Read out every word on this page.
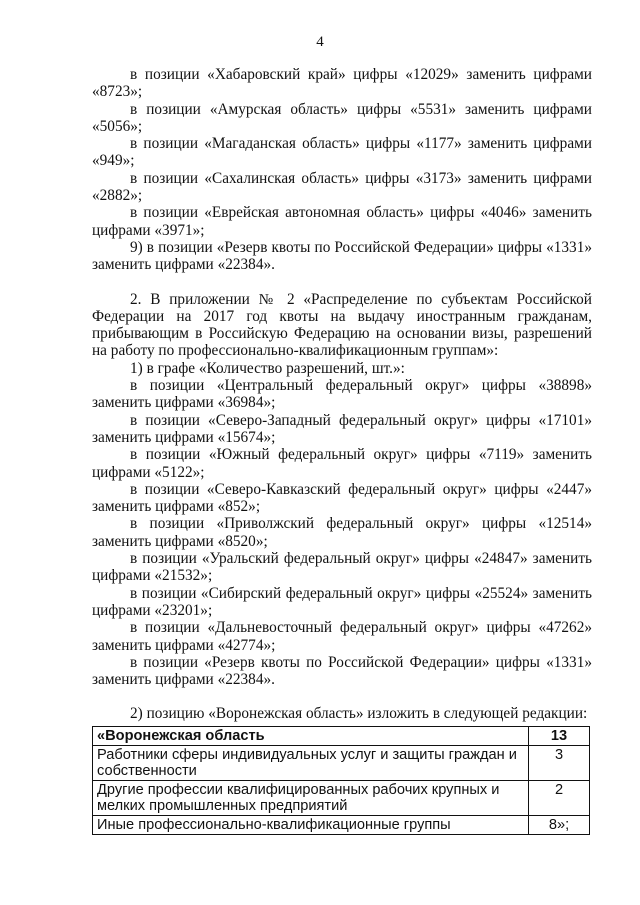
4

в позиции «Хабаровский край» цифры «12029» заменить цифрами «8723»;

в позиции «Амурская область» цифры «5531» заменить цифрами «5056»;

в позиции «Магаданская область» цифры «1177» заменить цифрами «949»;

в позиции «Сахалинская область» цифры «3173» заменить цифрами «2882»;

в позиции «Еврейская автономная область» цифры «4046» заменить цифрами «3971»;

9) в позиции «Резерв квоты по Российской Федерации» цифры «1331» заменить цифрами «22384».

2. В приложении № 2 «Распределение по субъектам Российской Федерации на 2017 год квоты на выдачу иностранным гражданам, прибывающим в Российскую Федерацию на основании визы, разрешений на работу по профессионально-квалификационным группам»:

1) в графе «Количество разрешений, шт.»:

в позиции «Центральный федеральный округ» цифры «38898» заменить цифрами «36984»;

в позиции «Северо-Западный федеральный округ» цифры «17101» заменить цифрами «15674»;

в позиции «Южный федеральный округ» цифры «7119» заменить цифрами «5122»;

в позиции «Северо-Кавказский федеральный округ» цифры «2447» заменить цифрами «852»;

в позиции «Приволжский федеральный округ» цифры «12514» заменить цифрами «8520»;

в позиции «Уральский федеральный округ» цифры «24847» заменить цифрами «21532»;

в позиции «Сибирский федеральный округ» цифры «25524» заменить цифрами «23201»;

в позиции «Дальневосточный федеральный округ» цифры «47262» заменить цифрами «42774»;

в позиции «Резерв квоты по Российской Федерации» цифры «1331» заменить цифрами «22384».

2) позицию «Воронежская область» изложить в следующей редакции:
«Воронежская область	13
Работники сферы индивидуальных услуг и защиты граждан и собственности	3
Другие профессии квалифицированных рабочих крупных и мелких промышленных предприятий	2
Иные профессионально-квалификационные группы	8»;
